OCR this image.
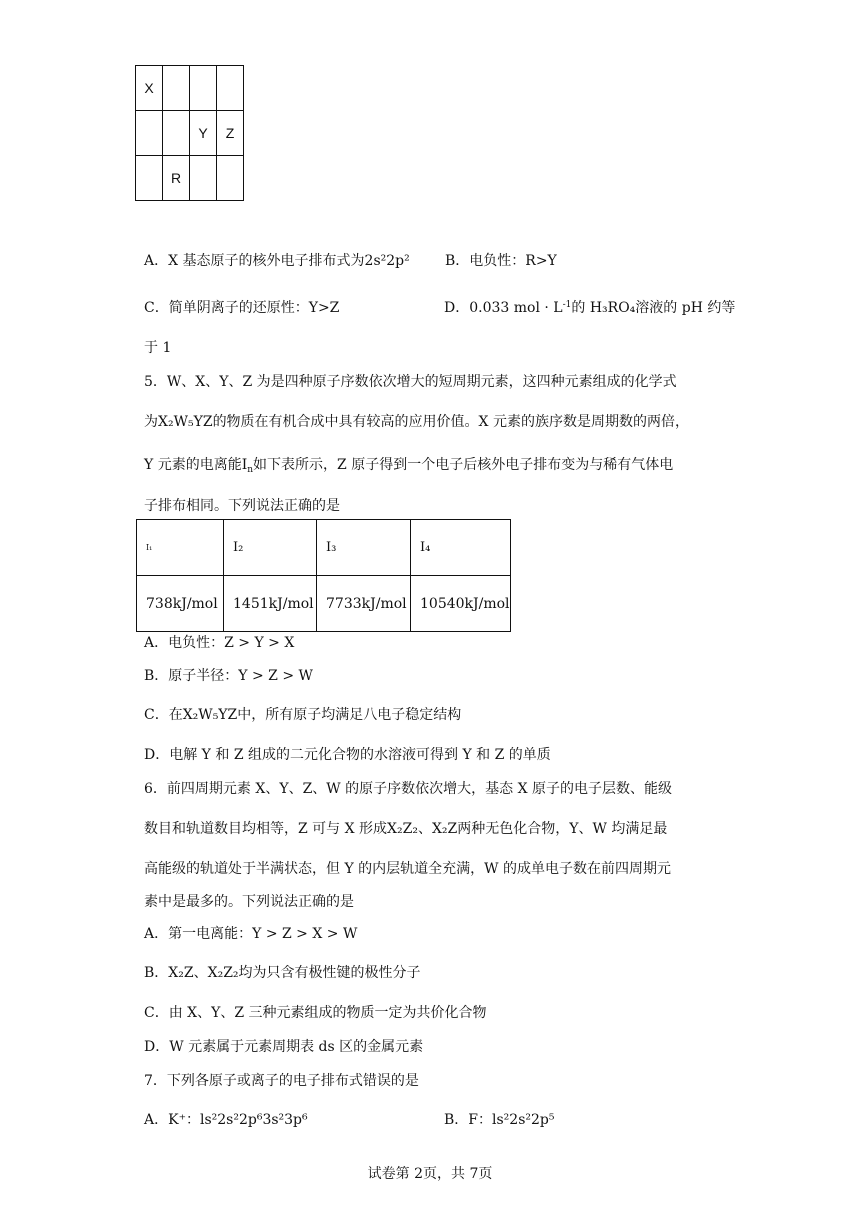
X			
		Y	Z
	R		
A．X 基态原子的核外电子排布式为2s²2p²	B．电负性：R>Y
C．简单阴离子的还原性：Y>Z	D．0.033 mol · $L^{-1}$的 H₃RO₄溶液的 pH 约等
于 1
5．W、X、Y、Z 为是四种原子序数依次增大的短周期元素，这四种元素组成的化学式
为X₂W₅YZ的物质在有机合成中具有较高的应用价值。X 元素的族序数是周期数的两倍，
Y 元素的电离能$I_n$如下表所示，Z 原子得到一个电子后核外电子排布变为与稀有气体电
子排布相同。下列说法正确的是
I₁	I₂	I₃	I₄
738kJ/mol	1451kJ/mol	7733kJ/mol	10540kJ/mol
A．电负性：Z > Y > X
B．原子半径：Y > Z > W
C．在X₂W₅YZ中，所有原子均满足八电子稳定结构
D．电解 Y 和 Z 组成的二元化合物的水溶液可得到 Y 和 Z 的单质
6．前四周期元素 X、Y、Z、W 的原子序数依次增大，基态 X 原子的电子层数、能级
数目和轨道数目均相等，Z 可与 X 形成X₂Z₂、X₂Z两种无色化合物，Y、W 均满足最
高能级的轨道处于半满状态，但 Y 的内层轨道全充满，W 的成单电子数在前四周期元
素中是最多的。下列说法正确的是
A．第一电离能：Y > Z > X > W
B．X₂Z、X₂Z₂均为只含有极性键的极性分子
C．由 X、Y、Z 三种元素组成的物质一定为共价化合物
D．W 元素属于元素周期表 ds 区的金属元素
7．下列各原子或离子的电子排布式错误的是
A．K⁺：ls²2s²2p⁶3s²3p⁶	B．F：ls²2s²2p⁵
试卷第 2页，共 7页
